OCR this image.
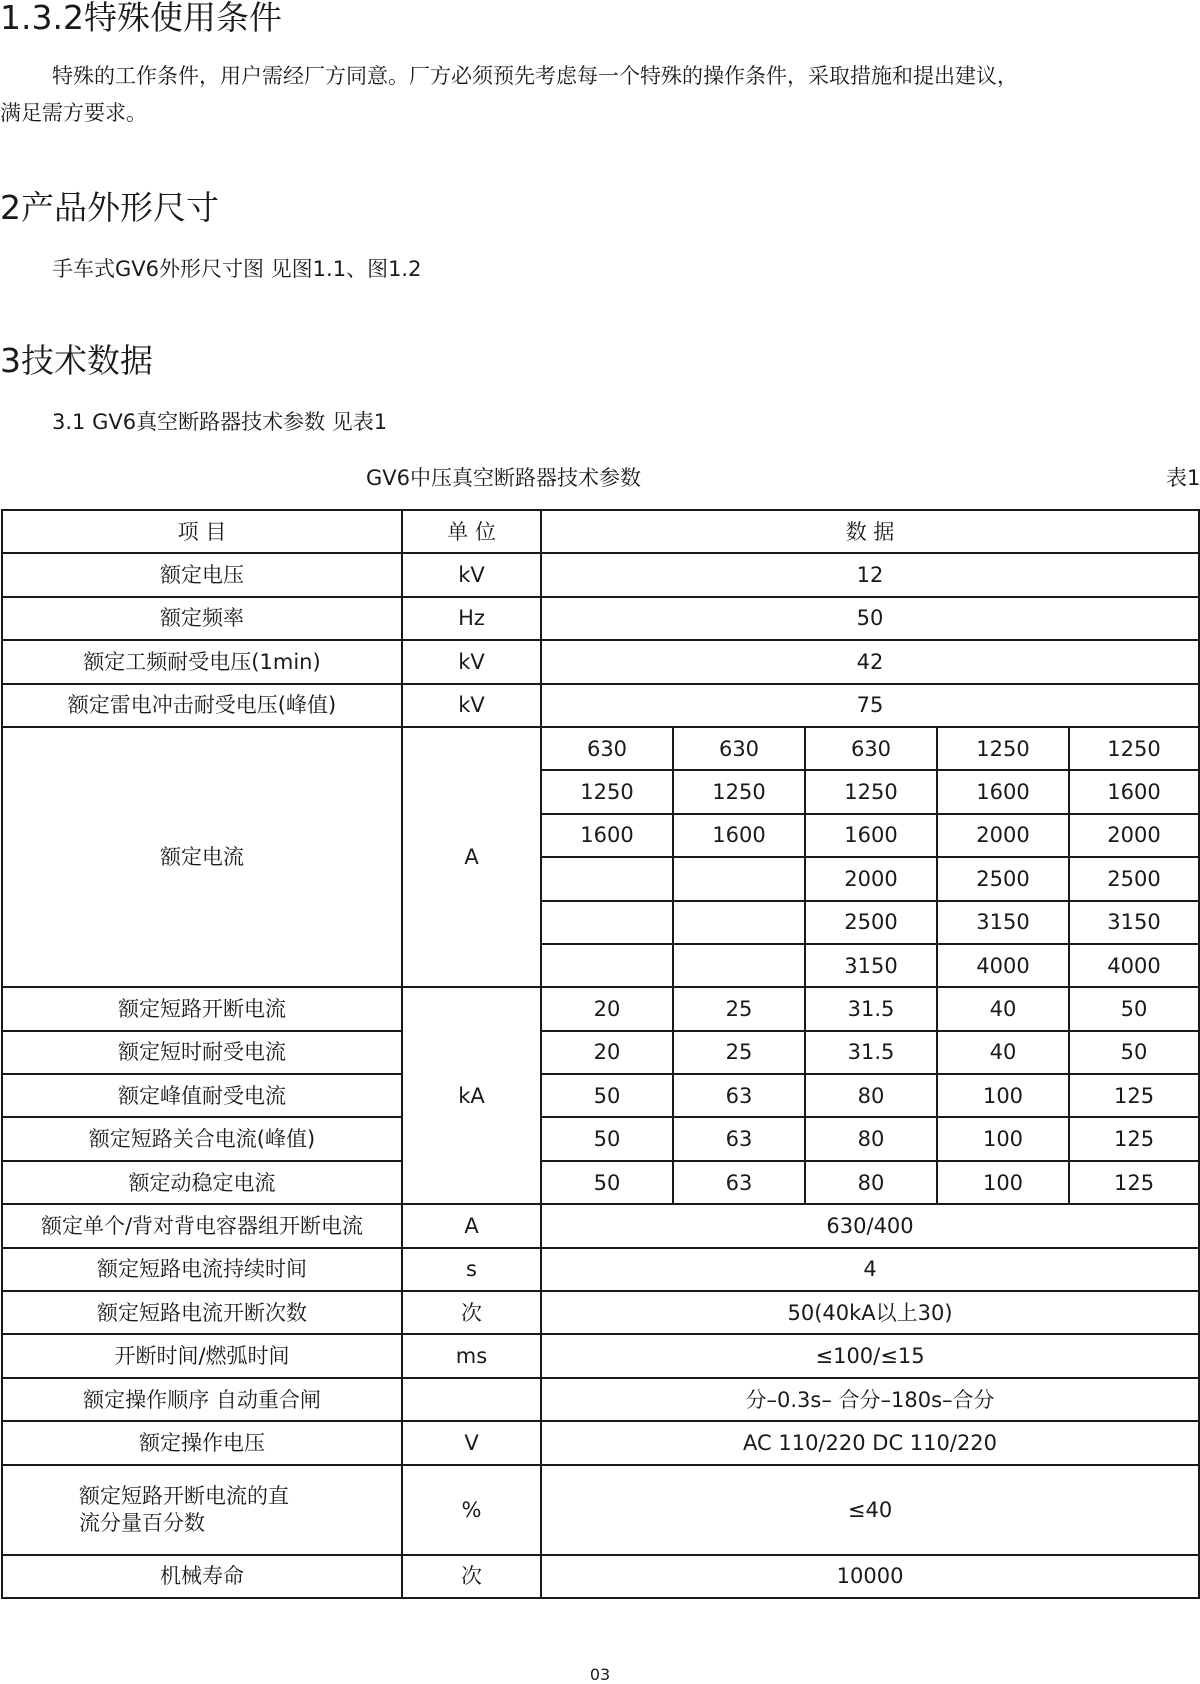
1.3.2特殊使用条件
特殊的工作条件，用户需经厂方同意。厂方必须预先考虑每一个特殊的操作条件，采取措施和提出建议，
满足需方要求。
2产品外形尺寸
手车式GV6外形尺寸图 见图1.1、图1.2
3技术数据
3.1 GV6真空断路器技术参数 见表1
GV6中压真空断路器技术参数	表1
项 目	单 位	数 据				
额定电压	kV	12				
额定频率	Hz	50				
额定工频耐受电压(1min)	kV	42				
额定雷电冲击耐受电压(峰值)	kV	75				
额定电流	A	630	630	630	1250	1250
		1250	1250	1250	1600	1600
		1600	1600	1600	2000	2000
				2000	2500	2500
				2500	3150	3150
				3150	4000	4000
额定短路开断电流	kA	20	25	31.5	40	50
额定短时耐受电流		20	25	31.5	40	50
额定峰值耐受电流		50	63	80	100	125
额定短路关合电流(峰值)		50	63	80	100	125
额定动稳定电流		50	63	80	100	125
额定单个/背对背电容器组开断电流	A	630/400				
额定短路电流持续时间	s	4				
额定短路电流开断次数	次	50(40kA以上30)				
开断时间/燃弧时间	ms	≤100/≤15				
额定操作顺序 自动重合闸		分–0.3s– 合分–180s–合分				
额定操作电压	V	AC 110/220 DC 110/220				

额定短路开断电流的直
流分量百分数	%	≤40				
机械寿命	次	10000				
03
